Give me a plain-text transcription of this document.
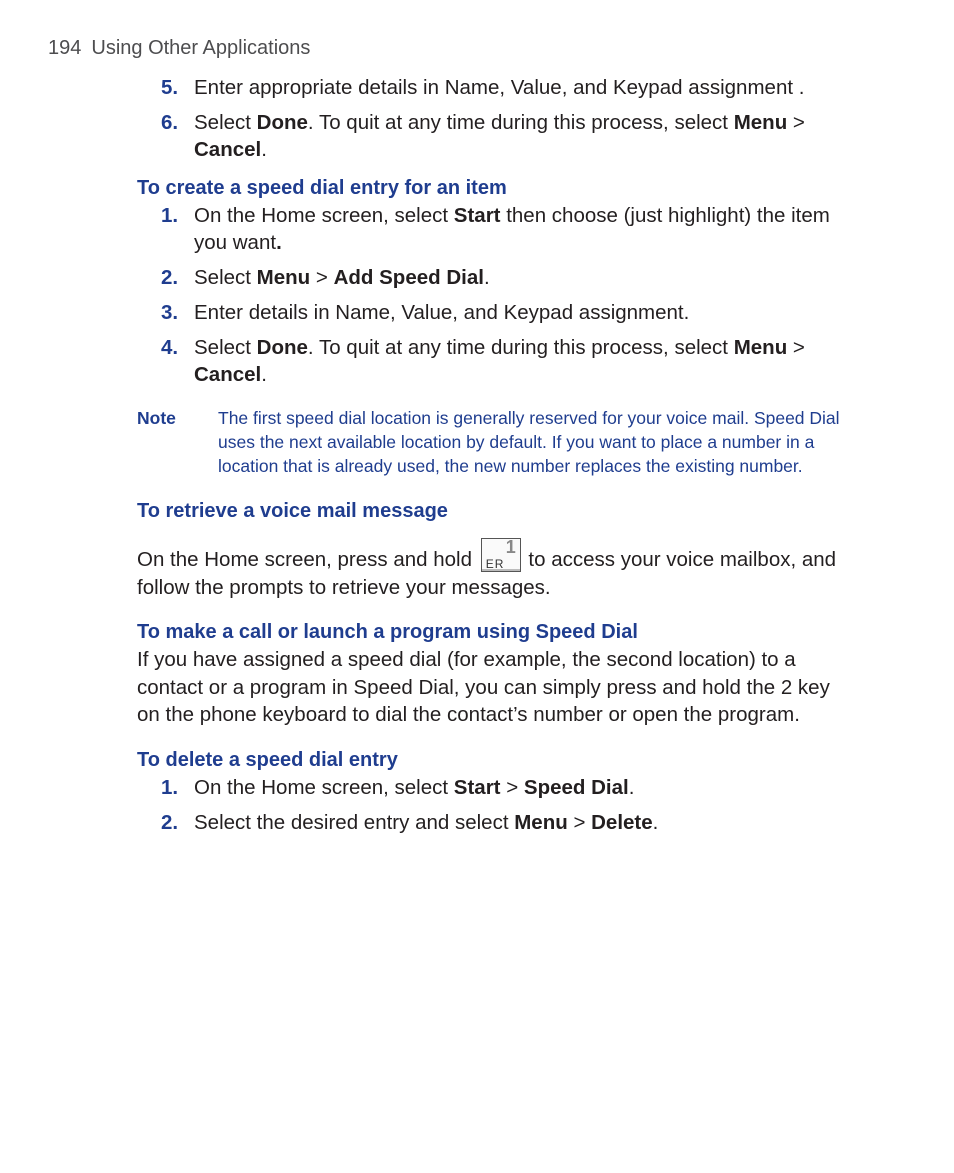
194 Using Other Applications
5. Enter appropriate details in Name, Value, and Keypad assignment .
6. Select Done. To quit at any time during this process, select Menu > Cancel.
To create a speed dial entry for an item
1. On the Home screen, select Start then choose (just highlight) the item you want.
2. Select Menu > Add Speed Dial.
3. Enter details in Name, Value, and Keypad assignment.
4. Select Done. To quit at any time during this process, select Menu > Cancel.
Note The first speed dial location is generally reserved for your voice mail. Speed Dial uses the next available location by default. If you want to place a number in a location that is already used, the new number replaces the existing number.
To retrieve a voice mail message

On the Home screen, press and hold
1
ER to access your voice mailbox, and follow the prompts to retrieve your messages.

To make a call or launch a program using Speed Dial

If you have assigned a speed dial (for example, the second location) to a contact or a program in Speed Dial, you can simply press and hold the 2 key on the phone keyboard to dial the contact’s number or open the program.

To delete a speed dial entry
1. On the Home screen, select Start > Speed Dial.
2. Select the desired entry and select Menu > Delete.
